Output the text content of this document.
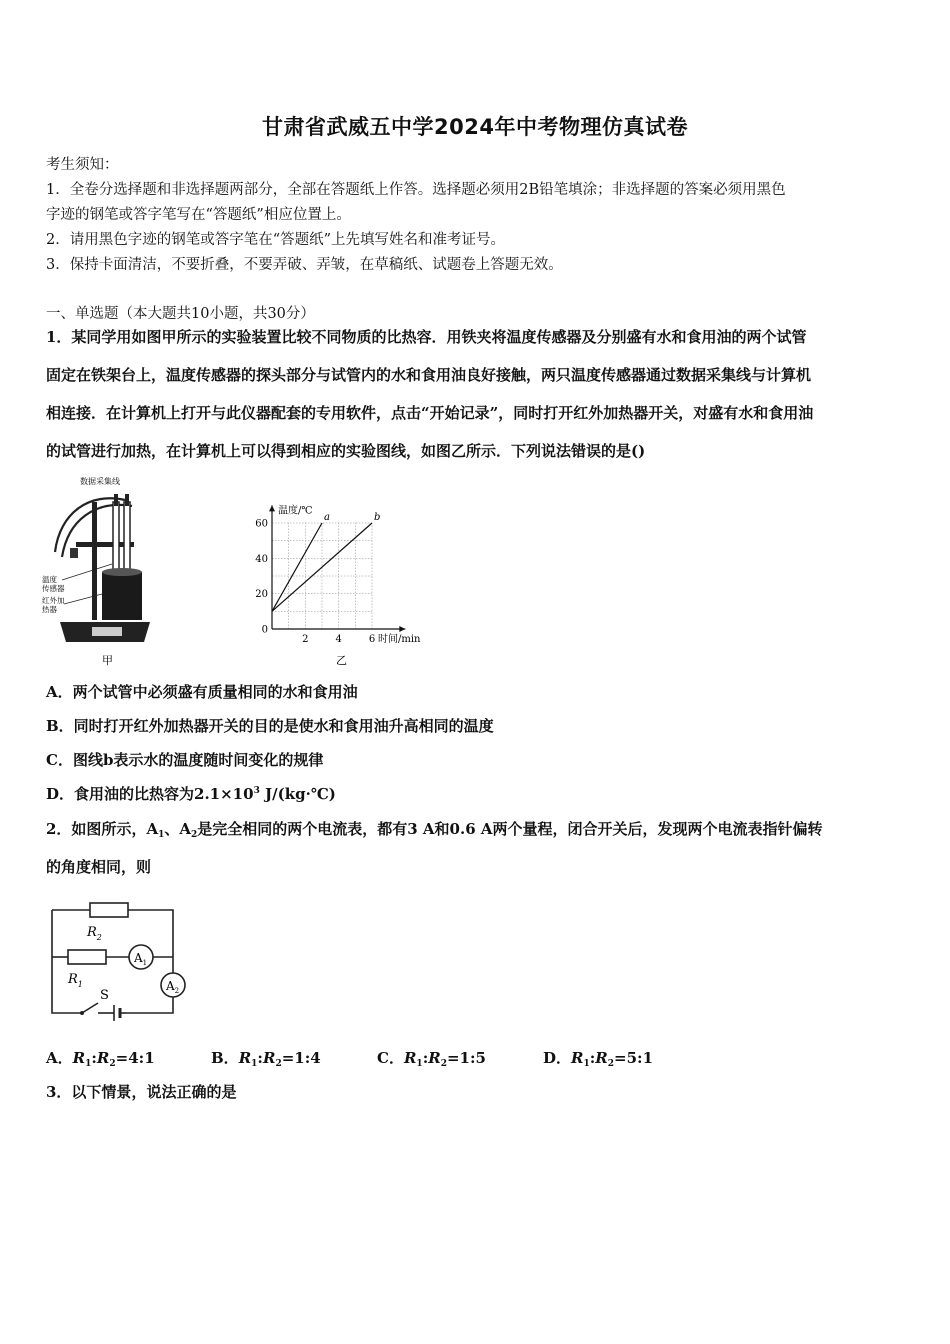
甘肃省武威五中学2024年中考物理仿真试卷
考生须知：
1．全卷分选择题和非选择题两部分，全部在答题纸上作答。选择题必须用2B铅笔填涂；非选择题的答案必须用黑色
字迹的钢笔或答字笔写在“答题纸”相应位置上。
2．请用黑色字迹的钢笔或答字笔在“答题纸”上先填写姓名和准考证号。
3．保持卡面清洁，不要折叠，不要弄破、弄皱，在草稿纸、试题卷上答题无效。
一、单选题（本大题共10小题，共30分）
1．某同学用如图甲所示的实验装置比较不同物质的比热容．用铁夹将温度传感器及分别盛有水和食用油的两个试管
固定在铁架台上，温度传感器的探头部分与试管内的水和食用油良好接触，两只温度传感器通过数据采集线与计算机
相连接．在计算机上打开与此仪器配套的专用软件，点击“开始记录”，同时打开红外加热器开关，对盛有水和食用油
的试管进行加热，在计算机上可以得到相应的实验图线，如图乙所示．下列说法错误的是()
数据采集线
温度
传感器
红外加
热器
甲
0
20
40
60
2	4	6
温度/℃
时间/min
a	b
乙
A．两个试管中必须盛有质量相同的水和食用油
B．同时打开红外加热器开关的目的是使水和食用油升高相同的温度
C．图线b表示水的温度随时间变化的规律
D．食用油的比热容为$2.1\times 10^3$ J/(kg·℃)
2．如图所示，$A_1$、$A_2$是完全相同的两个电流表，都有3 A和0.6 A两个量程，闭合开关后，发现两个电流表指针偏转
的角度相同，则
$R_2$
$R_1$
$A_1$
$A_2$
S
A．$R_1:R_2=4:1$	B．$R_1:R_2=1:4$	C．$R_1:R_2=1:5$	D．$R_1:R_2=5:1$
3．以下情景，说法正确的是
